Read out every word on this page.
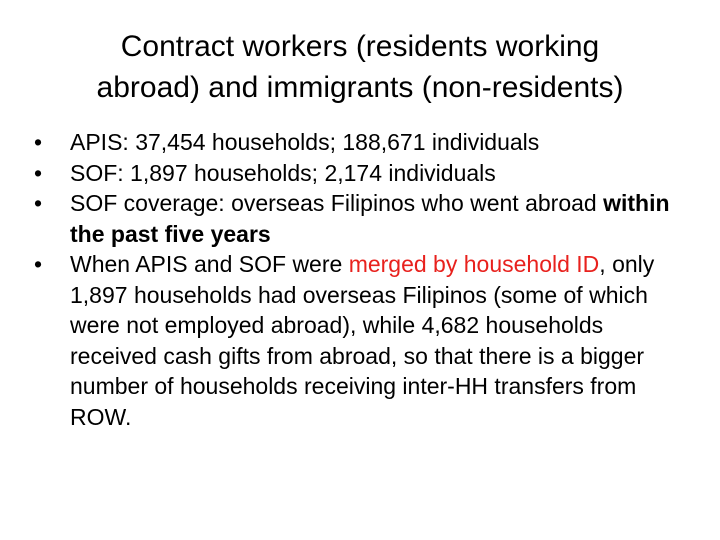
Contract workers (residents working
abroad) and immigrants (non-residents)
•	APIS: 37,454 households; 188,671 individuals
•	SOF: 1,897 households; 2,174 individuals
•	SOF coverage: overseas Filipinos who went abroad within the past five years
•	When APIS and SOF were merged by household ID, only 1,897 households had overseas Filipinos (some of which were not employed abroad), while 4,682 households received cash gifts from abroad, so that there is a bigger number of households receiving inter-HH transfers from ROW.
